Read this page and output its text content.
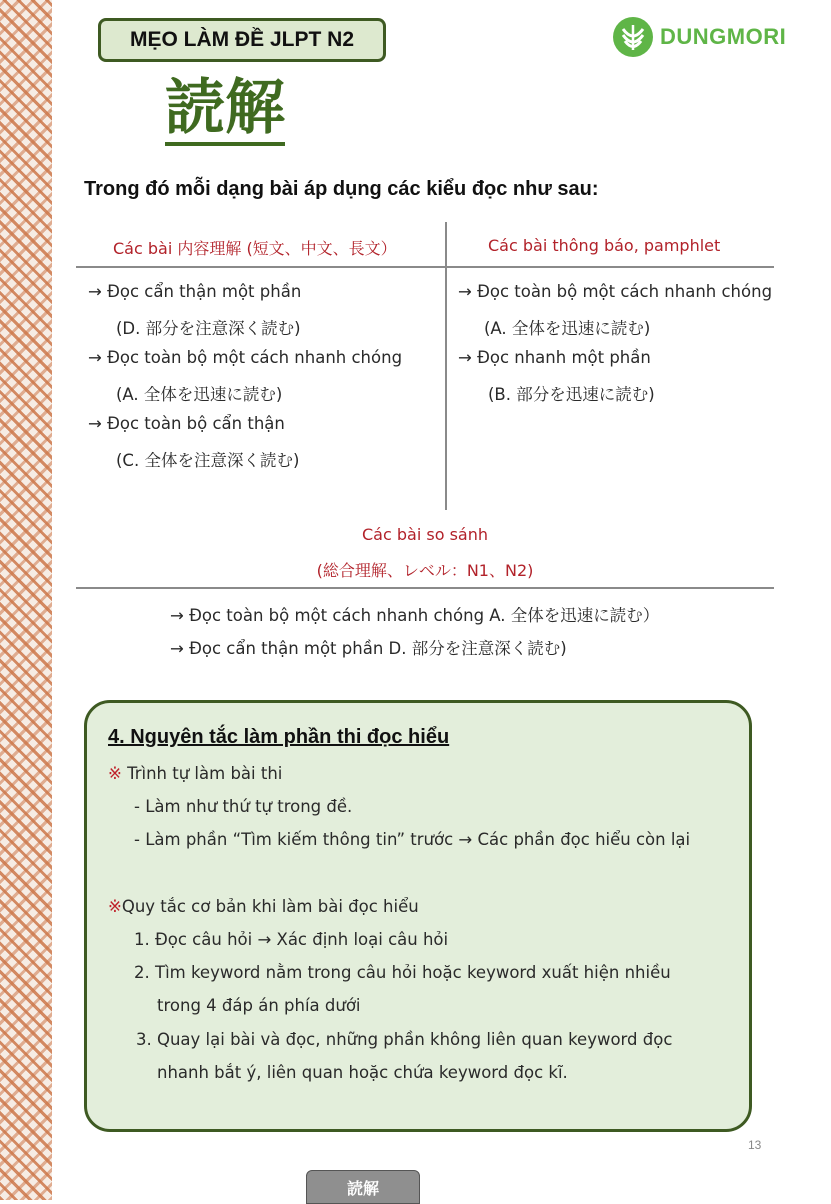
MẸO LÀM ĐỀ JLPT N2	DUNGMORI
読解
Trong đó mỗi dạng bài áp dụng các kiểu đọc như sau:
Các bài 内容理解 (短文、中文、長文）	Các bài thông báo, pamphlet
→ Đọc cẩn thận một phần
(D. 部分を注意深く読む)
→ Đọc toàn bộ một cách nhanh chóng
(A. 全体を迅速に読む)
→ Đọc toàn bộ cẩn thận
(C. 全体を注意深く読む)
→ Đọc toàn bộ một cách nhanh chóng
(A. 全体を迅速に読む)
→ Đọc nhanh một phần
(B. 部分を迅速に読む)
Các bài so sánh
(総合理解、レベル：N1、N2)
→ Đọc toàn bộ một cách nhanh chóng A. 全体を迅速に読む）
→ Đọc cẩn thận một phần D. 部分を注意深く読む)
4. Nguyên tắc làm phần thi đọc hiểu
※ Trình tự làm bài thi
- Làm như thứ tự trong đề.
- Làm phần “Tìm kiếm thông tin” trước → Các phần đọc hiểu còn lại
※Quy tắc cơ bản khi làm bài đọc hiểu
1. Đọc câu hỏi → Xác định loại câu hỏi
2. Tìm keyword nằm trong câu hỏi hoặc keyword xuất hiện nhiều
trong 4 đáp án phía dưới
3. Quay lại bài và đọc, những phần không liên quan keyword đọc
nhanh bắt ý, liên quan hoặc chứa keyword đọc kĩ.
13
読解
